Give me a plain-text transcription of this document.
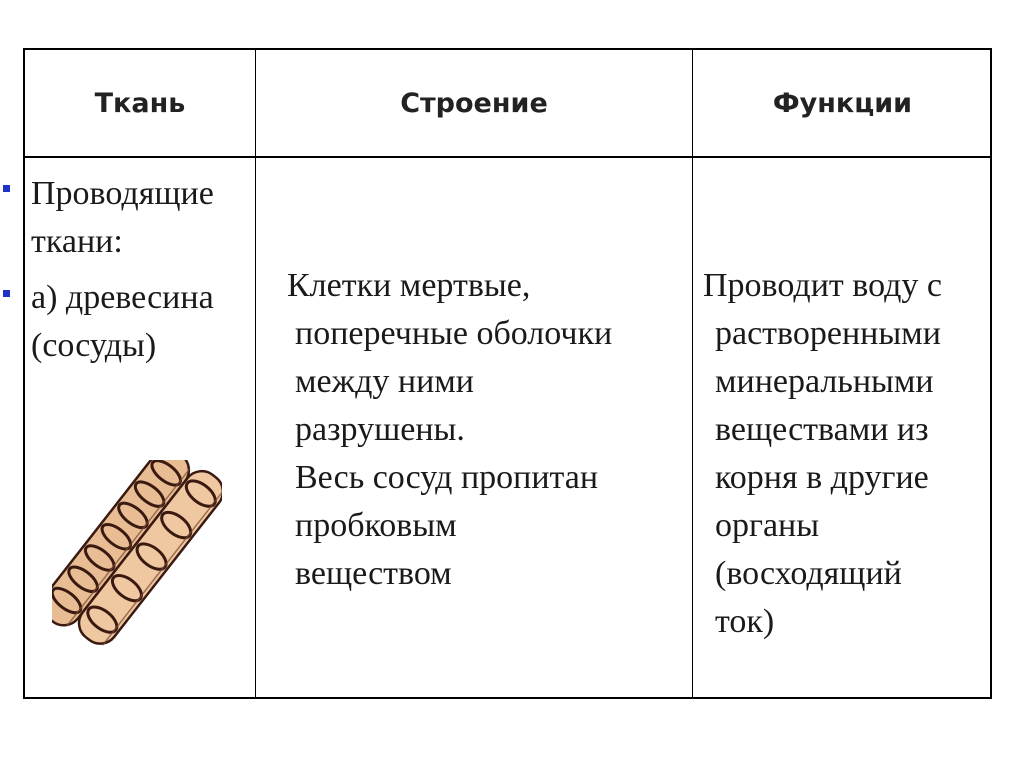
Ткань	Строение	Функции
Проводящие
ткани:
а) древесина
(сосуды)
Клетки мертвые,
поперечные оболочки
между ними
разрушены.
Весь сосуд пропитан
пробковым
веществом
Проводит воду с
растворенными
минеральными
веществами из
корня в другие
органы
(восходящий
ток)
